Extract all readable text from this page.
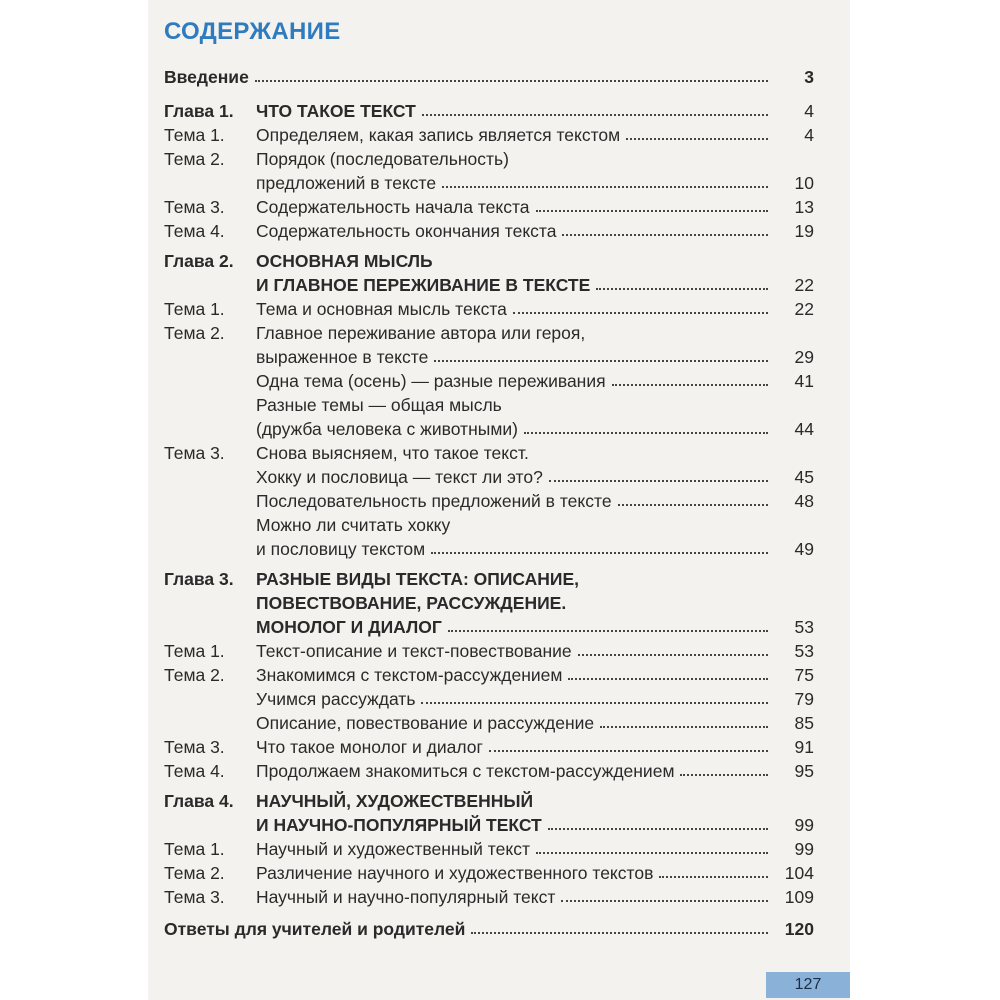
СОДЕРЖАНИЕ
Введение	3
Глава 1.	ЧТО ТАКОЕ ТЕКСТ	4
Тема 1.	Определяем, какая запись является текстом	4
Тема 2.	Порядок (последовательность)
предложений в тексте	10
Тема 3.	Содержательность начала текста	13
Тема 4.	Содержательность окончания текста	19
Глава 2.	ОСНОВНАЯ МЫСЛЬ
И ГЛАВНОЕ ПЕРЕЖИВАНИЕ В ТЕКСТЕ	22
Тема 1.	Тема и основная мысль текста	22
Тема 2.	Главное переживание автора или героя,
выраженное в тексте	29
Одна тема (осень) — разные переживания	41
Разные темы — общая мысль
(дружба человека с животными)	44
Тема 3.	Снова выясняем, что такое текст.
Хокку и пословица — текст ли это?	45
Последовательность предложений в тексте	48
Можно ли считать хокку
и пословицу текстом	49
Глава 3.	РАЗНЫЕ ВИДЫ ТЕКСТА: ОПИСАНИЕ,
ПОВЕСТВОВАНИЕ, РАССУЖДЕНИЕ.
МОНОЛОГ И ДИАЛОГ	53
Тема 1.	Текст-описание и текст-повествование	53
Тема 2.	Знакомимся с текстом-рассуждением	75
Учимся рассуждать	79
Описание, повествование и рассуждение	85
Тема 3.	Что такое монолог и диалог	91
Тема 4.	Продолжаем знакомиться с текстом-рассуждением	95
Глава 4.	НАУЧНЫЙ, ХУДОЖЕСТВЕННЫЙ
И НАУЧНО-ПОПУЛЯРНЫЙ ТЕКСТ	99
Тема 1.	Научный и художественный текст	99
Тема 2.	Различение научного и художественного текстов	104
Тема 3.	Научный и научно-популярный текст	109
Ответы для учителей и родителей	120
127
